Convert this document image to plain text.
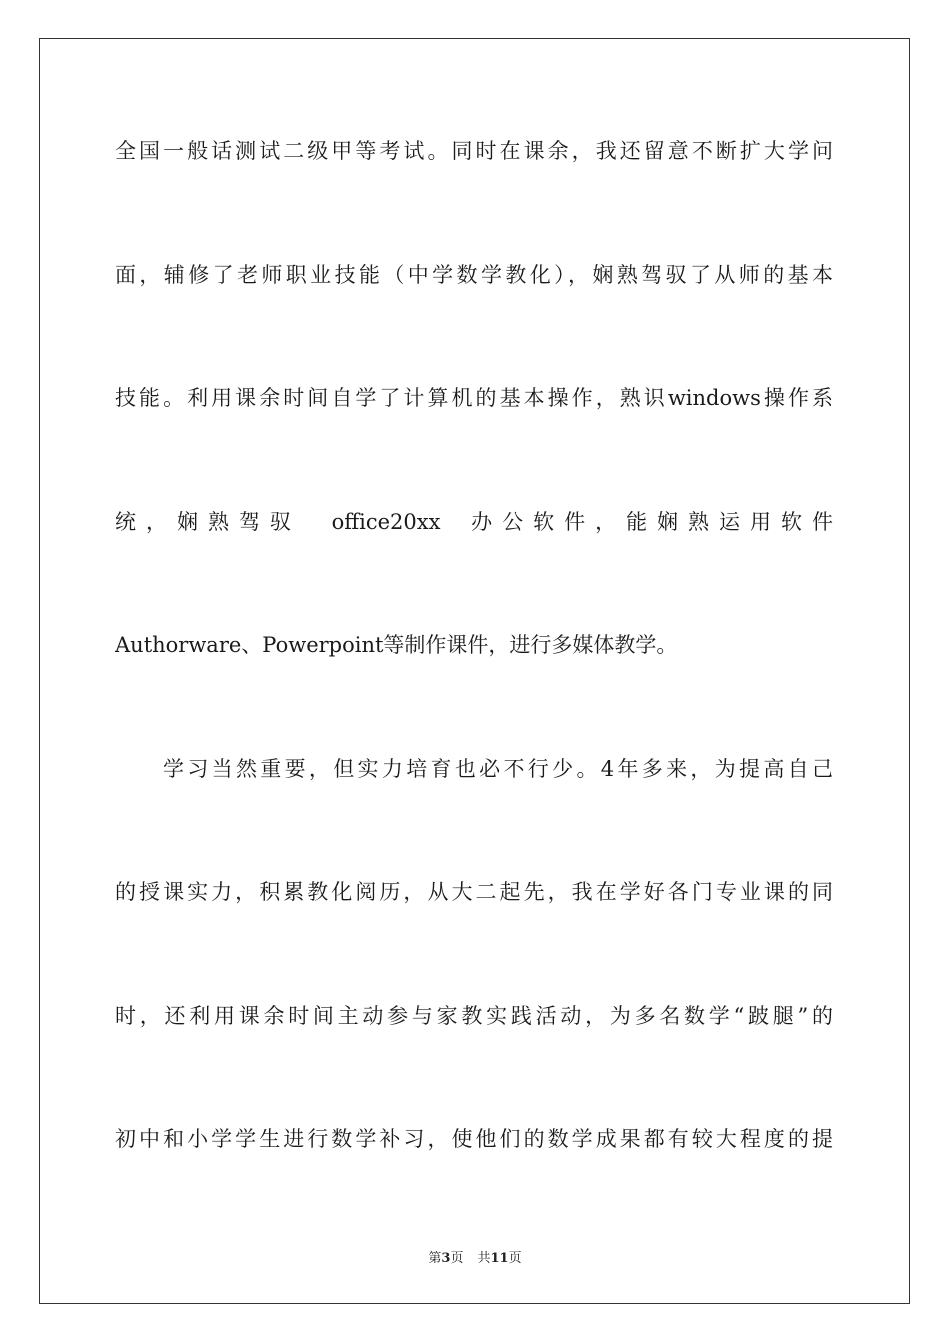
全国一般话测试二级甲等考试。同时在课余，我还留意不断扩大学问
面，辅修了老师职业技能（中学数学教化），娴熟驾驭了从师的基本
技能。利用课余时间自学了计算机的基本操作，熟识windows操作系
统，娴熟驾驭 office20xx 办公软件，能娴熟运用软件
Authorware、Powerpoint等制作课件，进行多媒体教学。
学习当然重要，但实力培育也必不行少。4年多来，为提高自己
的授课实力，积累教化阅历，从大二起先，我在学好各门专业课的同
时，还利用课余时间主动参与家教实践活动，为多名数学“跛腿”的
初中和小学学生进行数学补习，使他们的数学成果都有较大程度的提
第3页 共11页
